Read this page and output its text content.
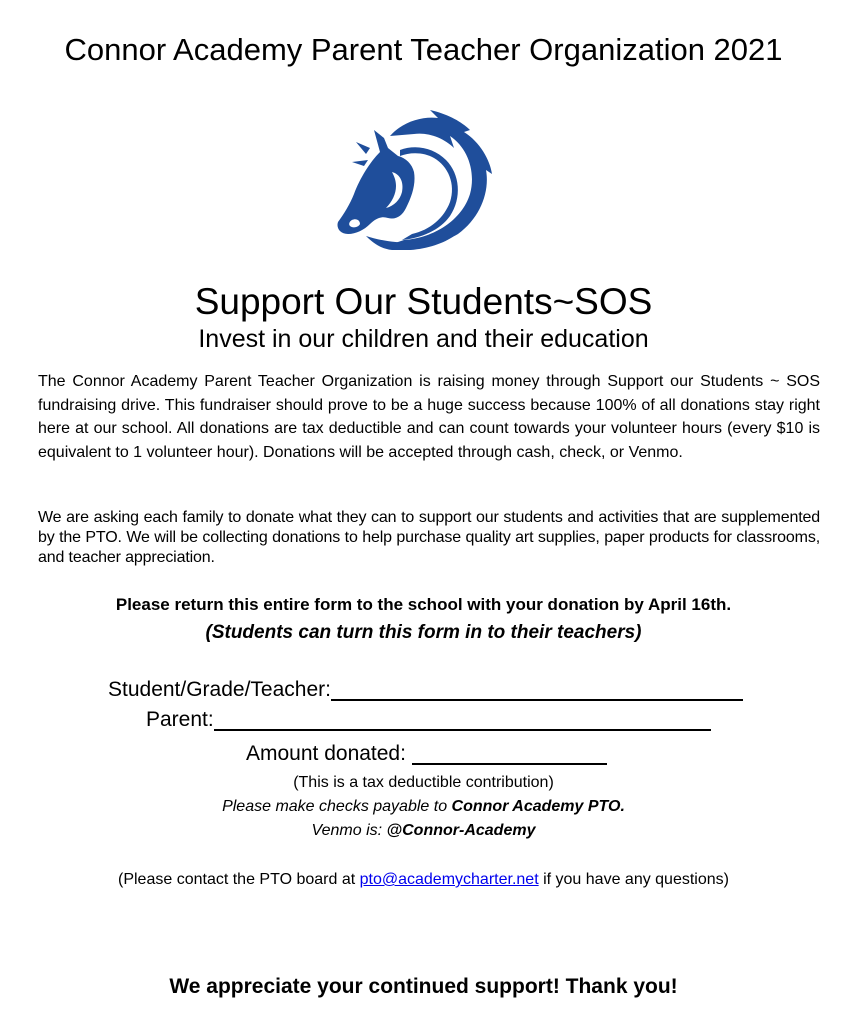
Connor Academy Parent Teacher Organization 2021
Support Our Students~SOS
Invest in our children and their education
The Connor Academy Parent Teacher Organization is raising money through Support our Students ~ SOS fundraising drive. This fundraiser should prove to be a huge success because 100% of all donations stay right here at our school. All donations are tax deductible and can count towards your volunteer hours (every $10 is equivalent to 1 volunteer hour). Donations will be accepted through cash, check, or Venmo.
We are asking each family to donate what they can to support our students and activities that are supplemented by the PTO. We will be collecting donations to help purchase quality art supplies, paper products for classrooms, and teacher appreciation.
Please return this entire form to the school with your donation by April 16th.
(Students can turn this form in to their teachers)
Student/Grade/Teacher:
Parent:
Amount donated:
(This is a tax deductible contribution)
Please make checks payable to Connor Academy PTO.
Venmo is: @Connor-Academy
(Please contact the PTO board at pto@academycharter.net if you have any questions)
We appreciate your continued support! Thank you!
